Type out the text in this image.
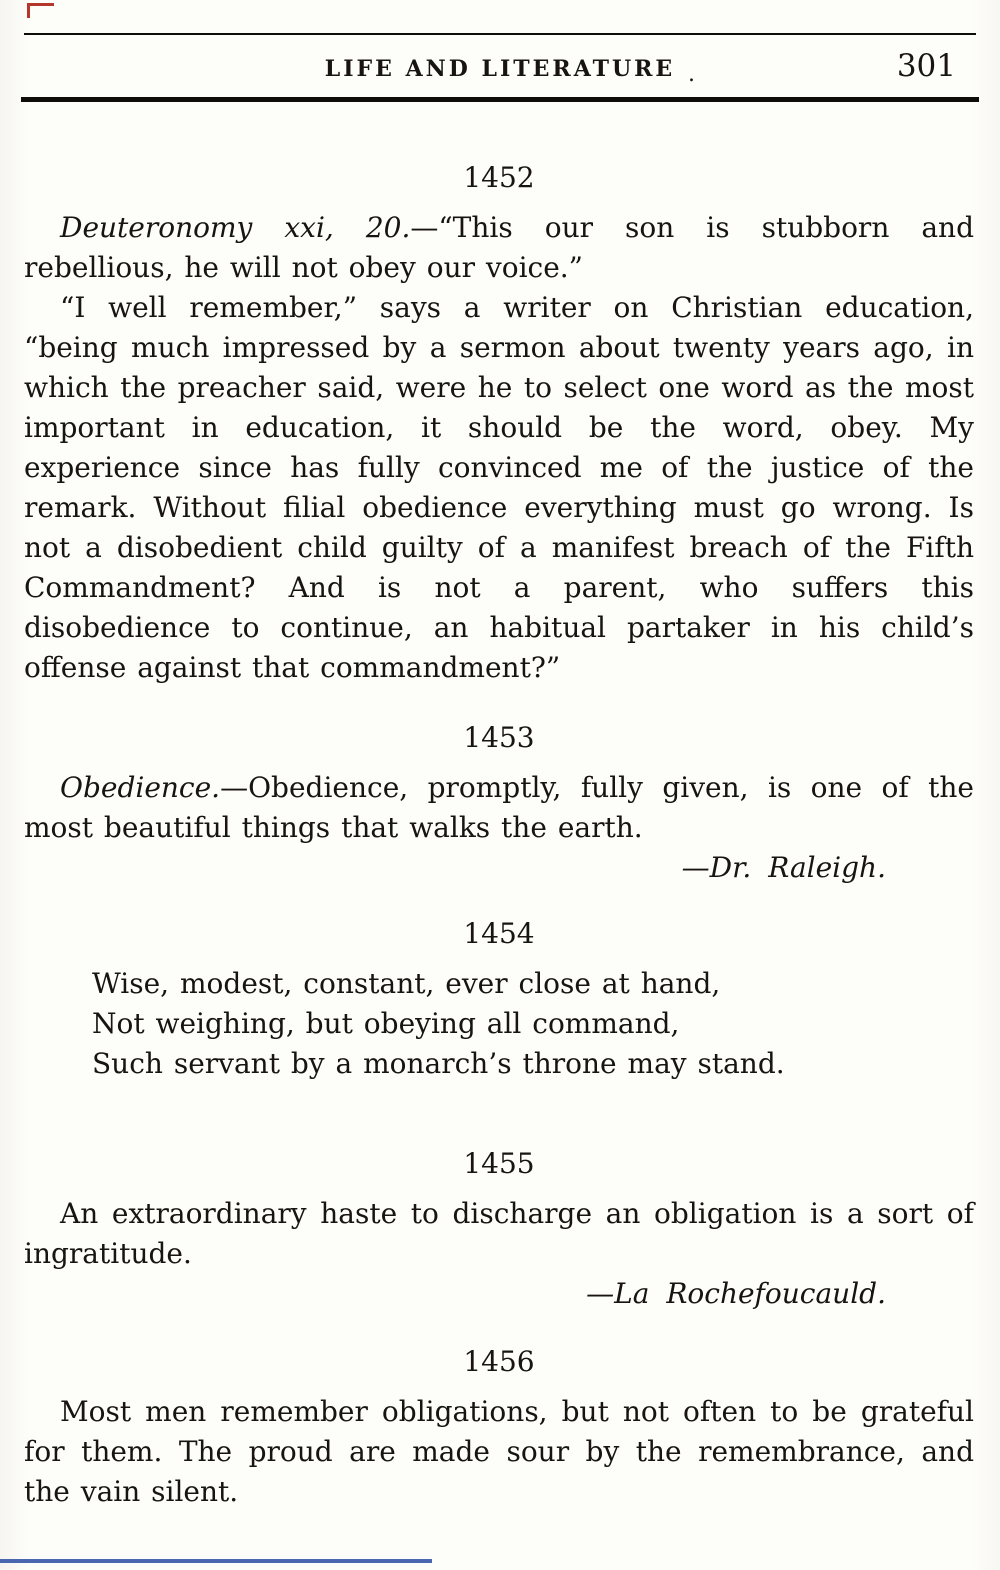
LIFE AND LITERATURE .	301
1452

Deuteronomy xxi, 20.—“This our son is stubborn and rebellious, he will not obey our voice.”

“I well remember,” says a writer on Christian education, “being much impressed by a sermon about twenty years ago, in which the preacher said, were he to select one word as the most important in education, it should be the word, obey. My experience since has fully convinced me of the justice of the remark. Without filial obedience everything must go wrong. Is not a disobedient child guilty of a manifest breach of the Fifth Commandment? And is not a parent, who suffers this disobedience to continue, an habitual partaker in his child’s offense against that commandment?”

1453

Obedience.—Obedience, promptly, fully given, is one of the most beautiful things that walks the earth.

—Dr. Raleigh.

1454
Wise, modest, constant, ever close at hand,
Not weighing, but obeying all command,
Such servant by a monarch’s throne may stand.
1455

An extraordinary haste to discharge an obligation is a sort of ingratitude.

—La Rochefoucauld.

1456

Most men remember obligations, but not often to be grateful for them. The proud are made sour by the remembrance, and the vain silent.
